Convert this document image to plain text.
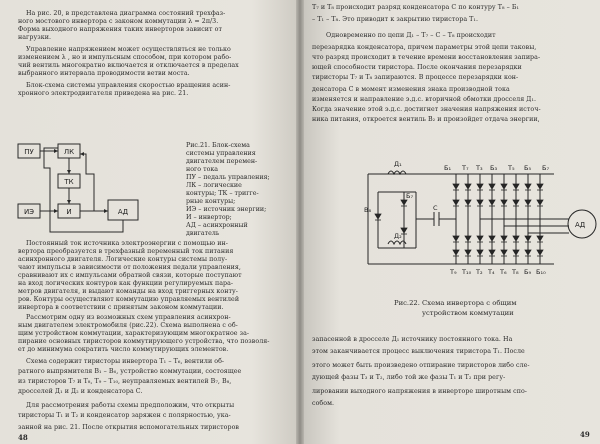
На рис. 20, в представлена диаграмма состояний трехфаз-
ного мостового инвертора с законом коммутации λ = 2π/3.
Форма выходного напряжения таких инверторов зависит от
нагрузки.
Управление напряжением может осуществляться не только
изменением λ , но и импульсным способом, при котором рабо-
чий вентиль многократно включается и отключается в пределах
выбранного интервала проводимости ветви моста.
Блок-схема системы управления скоростью вращения асин-
хронного электродвигателя приведена на рис. 21.
ПУ	ЛК
ТК
ИЭ	И	АД
Рис.21. Блок-схема
системы управления
двигателем перемен-
ного тока
ПУ – педаль управления;
ЛК – логические
контуры; ТК – тригге-
рные контуры;
ИЭ – источник энергии;
И – инвертор;
АД – асинхронный
двигатель
Постоянный ток источника электроэнергии с помощью ин-
вертора преобразуется в трехфазный переменный ток питания
асинхронного двигателя. Логические контуры системы полу-
чают импульсы в зависимости от положения педали управления,
сравнивают их с импульсами обратной связи, которые поступают
на вход логических контуров как функции регулируемых пара-
метров двигателя, и выдают команды на вход триггерных конту-
ров. Контуры осуществляют коммутацию управляемых вентилей
инвертора в соответствии с принятым законом коммутации.
Рассмотрим одну из возможных схем управления асинхрон-
ным двигателем электромобиля (рис.22). Схема выполнена с об-
щим устройством коммутации, характеризующим многократное за-
пирание основных тиристоров коммутирующего устройства, что позволя-
ет до минимума сократить число коммутирующих элементов.
Схема содержит тиристоры инвертора T₁ – T₆, вентили об-
ратного выпрямителя B₁ – B₆, устройство коммутации, состоящее
из тиристоров T₇ и T₈, T₉ – T₁₀, неуправляемых вентилей B₇, B₈,
дросселей Д₁ и Д₂ и конденсатора C.
Для рассмотрения работы схемы предположим, что открыты
тиристоры T₁ и T₂ и конденсатор заряжен с полярностью, ука-
занной на рис. 21. После открытия вспомогательных тиристоров
48
T₇ и T₈ происходит разряд конденсатора C по контуру T₈ – Б₁
– T₁ – T₈. Это приводит к закрытию тиристора T₁.
Одновременно по цепи Д₁ – T₇ – C – T₈ происходит
перезарядка конденсатора, причем параметры этой цепи таковы,
что разряд происходит в течение времени восстановления запира-
ющей способности тиристора. После окончания перезарядки
тиристоры T₇ и T₈ запираются. В процессе перезарядки кон-
денсатора C в момент изменения знака производной тока
изменяется и направление э.д.с. вторичной обмотки дросселя Д₁.
Когда значение этой э.д.с. достигнет значения напряжения источ-
ника питания, откроется вентиль B₂ и произойдет отдача энергии,
Д₁
Д₂
С
В₈
Б₇
АД
Б₁	Б₃	Б₅ Б₇
Т₇ Т₃	Т₅
Т₉ Т₁₀ Т₂ Т₄ Т₆ Т₈ Б₉ Б₁₀
Рис.22. Схема инвертора с общим
устройством коммутации
запасенной в дросселе Д₁ источнику постоянного тока. На
этом заканчивается процесс выключения тиристора T₁. После
этого может быть произведено отпирание тиристоров либо сле-
дующей фазы T₃ и T₂, либо той же фазы T₁ и T₂ при регу-
лировании выходного напряжения в инверторе широтным спо-
собом.
49
